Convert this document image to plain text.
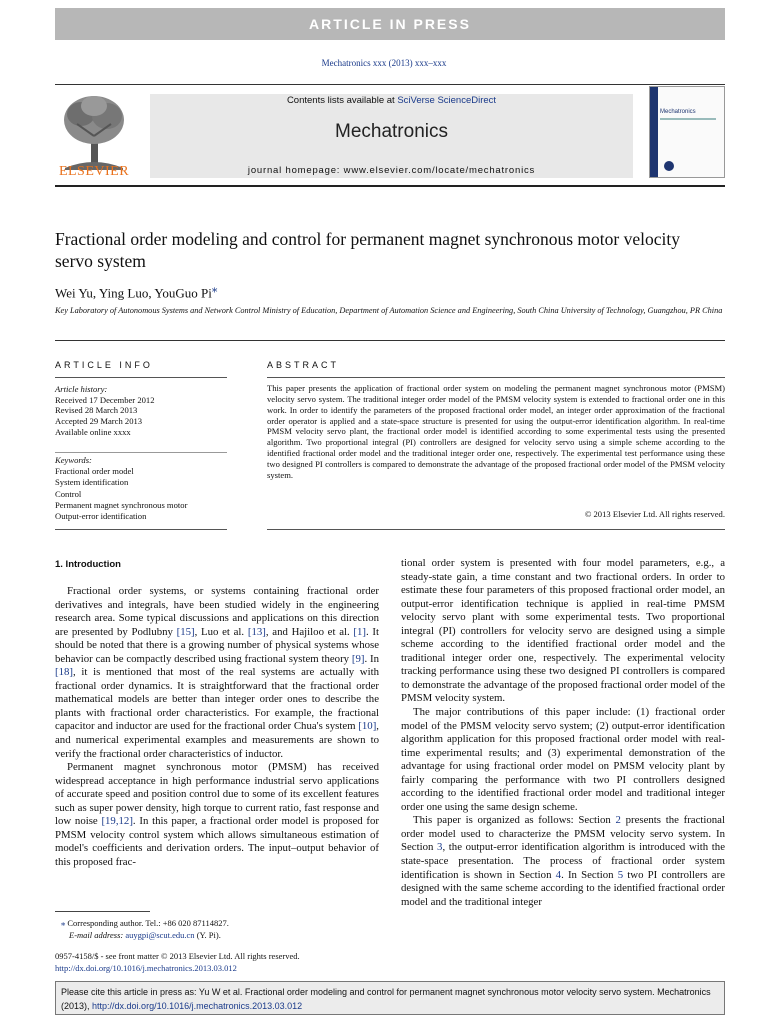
ARTICLE IN PRESS
Mechatronics xxx (2013) xxx–xxx
ELSEVIER
Contents lists available at SciVerse ScienceDirect
Mechatronics
journal homepage: www.elsevier.com/locate/mechatronics
Mechatronics
Fractional order modeling and control for permanent magnet synchronous motor velocity servo system
Wei Yu, Ying Luo, YouGuo Pi⁎
Key Laboratory of Autonomous Systems and Network Control Ministry of Education, Department of Automation Science and Engineering, South China University of Technology, Guangzhou, PR China
ARTICLE INFO	ABSTRACT
Article history:
Received 17 December 2012
Revised 28 March 2013
Accepted 29 March 2013
Available online xxxx
Keywords:
Fractional order model
System identification
Control
Permanent magnet synchronous motor
Output-error identification
This paper presents the application of fractional order system on modeling the permanent magnet synchronous motor (PMSM) velocity servo system. The traditional integer order model of the PMSM velocity system is extended to fractional order one in this work. In order to identify the parameters of the proposed fractional order model, an integer order approximation of the fractional order operator is applied and a state-space structure is presented for using the output-error identification algorithm. In real-time PMSM velocity servo plant, the fractional order model is identified according to some experimental tests using the presented algorithm. Two proportional integral (PI) controllers are designed for velocity servo using a simple scheme according to the identified fractional order model and the traditional integer order one, respectively. The experimental test performance using these two designed PI controllers is compared to demonstrate the advantage of the proposed fractional order model of the PMSM velocity system.
© 2013 Elsevier Ltd. All rights reserved.
1. Introduction

Fractional order systems, or systems containing fractional order derivatives and integrals, have been studied widely in the engineering research area. Some typical discussions and applications on this direction are presented by Podlubny [15], Luo et al. [13], and Hajiloo et al. [1]. It should be noted that there is a growing number of physical systems whose behavior can be compactly described using fractional system theory [9]. In [18], it is mentioned that most of the real systems are actually with fractional order dynamics. It is straightforward that the fractional order mathematical models are better than integer order ones to describe the plants with fractional order characteristics. For example, the fractional capacitor and inductor are used for the fractional order Chua's system [10], and numerical experimental examples and measurements are shown to verify the fractional order characteristics of inductor.

Permanent magnet synchronous motor (PMSM) has received widespread acceptance in high performance industrial servo applications of accurate speed and position control due to some of its excellent features such as super power density, high torque to current ratio, fast response and low noise [19,12]. In this paper, a fractional order model is proposed for PMSM velocity control system which allows simultaneous estimation of model's coefficients and derivation orders. The input–output behavior of this proposed frac-

tional order system is presented with four model parameters, e.g., a steady-state gain, a time constant and two fractional orders. In order to estimate these four parameters of this proposed fractional order model, an output-error identification technique is applied in real-time PMSM velocity servo plant with some experimental tests. Two proportional integral (PI) controllers for velocity servo are designed using a simple scheme according to the identified fractional order model and the traditional integer order one, respectively. The experimental velocity tracking performance using these two designed PI controllers is compared to demonstrate the advantage of the proposed fractional order model of the PMSM velocity system.

The major contributions of this paper include: (1) fractional order model of the PMSM velocity servo system; (2) output-error identification algorithm application for this proposed fractional order model with real-time experimental results; and (3) experimental demonstration of the advantage for using fractional order model on PMSM velocity plant by fairly comparing the performance with two PI controllers designed according to the identified fractional order model and traditional integer order one using the same design scheme.

This paper is organized as follows: Section 2 presents the fractional order model used to characterize the PMSM velocity servo system. In Section 3, the output-error identification algorithm is introduced with the state-space presentation. The process of fractional order system identification is shown in Section 4. In Section 5 two PI controllers are designed with the same scheme according to the identified fractional order model and the traditional integer

⁎ Corresponding author. Tel.: +86 020 87114827.
E-mail address: auygpi@scut.edu.cn (Y. Pi).
0957-4158/$ - see front matter © 2013 Elsevier Ltd. All rights reserved.
http://dx.doi.org/10.1016/j.mechatronics.2013.03.012
Please cite this article in press as: Yu W et al. Fractional order modeling and control for permanent magnet synchronous motor velocity servo system. Mechatronics (2013), http://dx.doi.org/10.1016/j.mechatronics.2013.03.012
